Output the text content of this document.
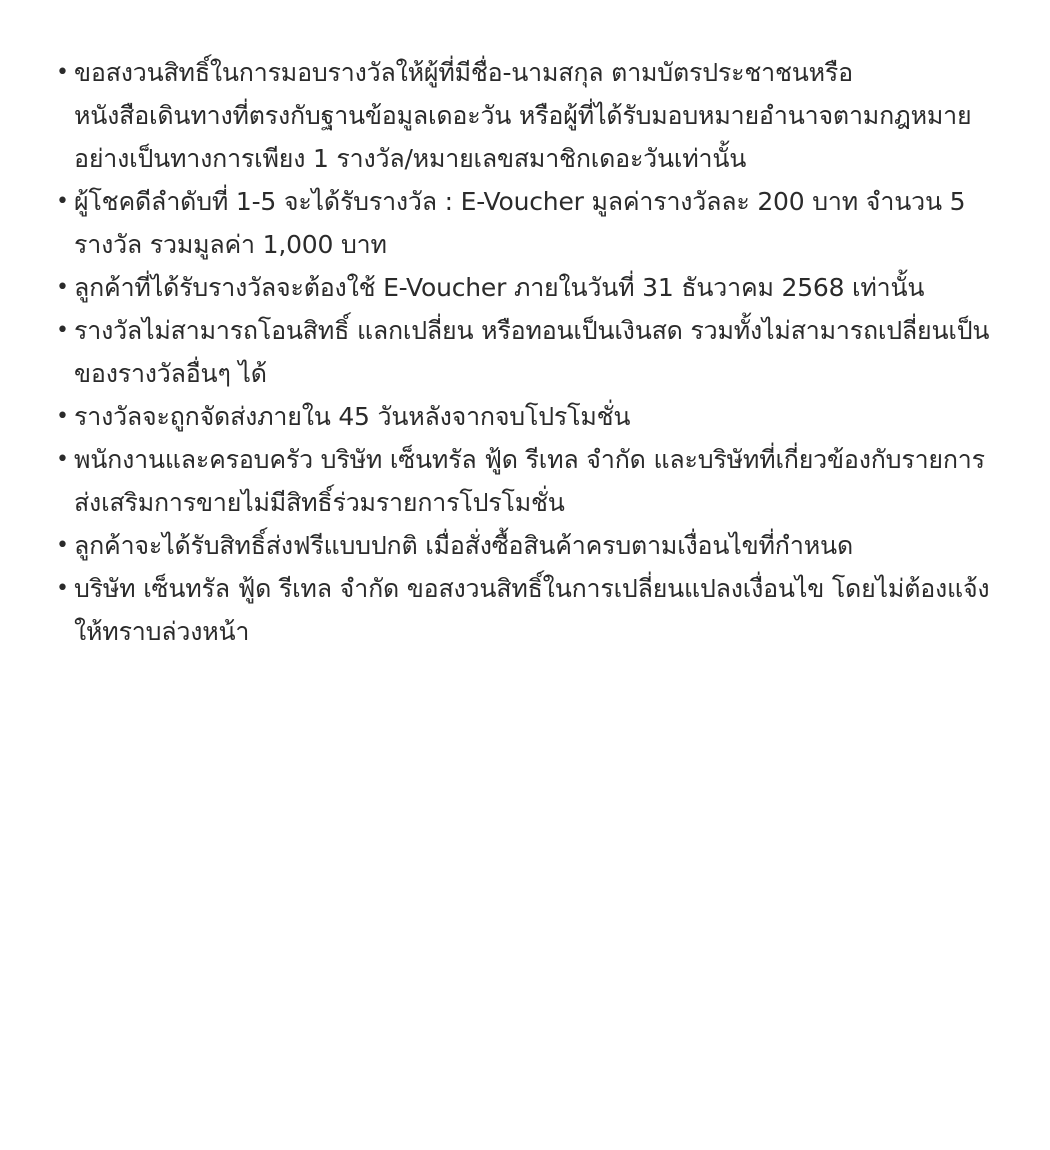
• ขอสงวนสิทธิ์ในการมอบรางวัลให้ผู้ที่มีชื่อ-นามสกุล ตามบัตรประชาชนหรือหนังสือเดินทางที่ตรงกับฐานข้อมูลเดอะวัน หรือผู้ที่ได้รับมอบหมายอำนาจตามกฎหมาย อย่างเป็นทางการเพียง 1 รางวัล/หมายเลขสมาชิกเดอะวันเท่านั้น
• ผู้โชคดีลำดับที่ 1-5 จะได้รับรางวัล : E-Voucher มูลค่ารางวัลละ 200 บาท จำนวน 5 รางวัล รวมมูลค่า 1,000 บาท
• ลูกค้าที่ได้รับรางวัลจะต้องใช้ E-Voucher ภายในวันที่ 31 ธันวาคม 2568 เท่านั้น
• รางวัลไม่สามารถโอนสิทธิ์ แลกเปลี่ยน หรือทอนเป็นเงินสด รวมทั้งไม่สามารถเปลี่ยนเป็นของรางวัลอื่นๆ ได้
• รางวัลจะถูกจัดส่งภายใน 45 วันหลังจากจบโปรโมชั่น
• พนักงานและครอบครัว บริษัท เซ็นทรัล ฟู้ด รีเทล จำกัด และบริษัทที่เกี่ยวข้องกับรายการส่งเสริมการขายไม่มีสิทธิ์ร่วมรายการโปรโมชั่น
• ลูกค้าจะได้รับสิทธิ์ส่งฟรีแบบปกติ เมื่อสั่งซื้อสินค้าครบตามเงื่อนไขที่กำหนด
• บริษัท เซ็นทรัล ฟู้ด รีเทล จำกัด ขอสงวนสิทธิ์ในการเปลี่ยนแปลงเงื่อนไข โดยไม่ต้องแจ้งให้ทราบล่วงหน้า
